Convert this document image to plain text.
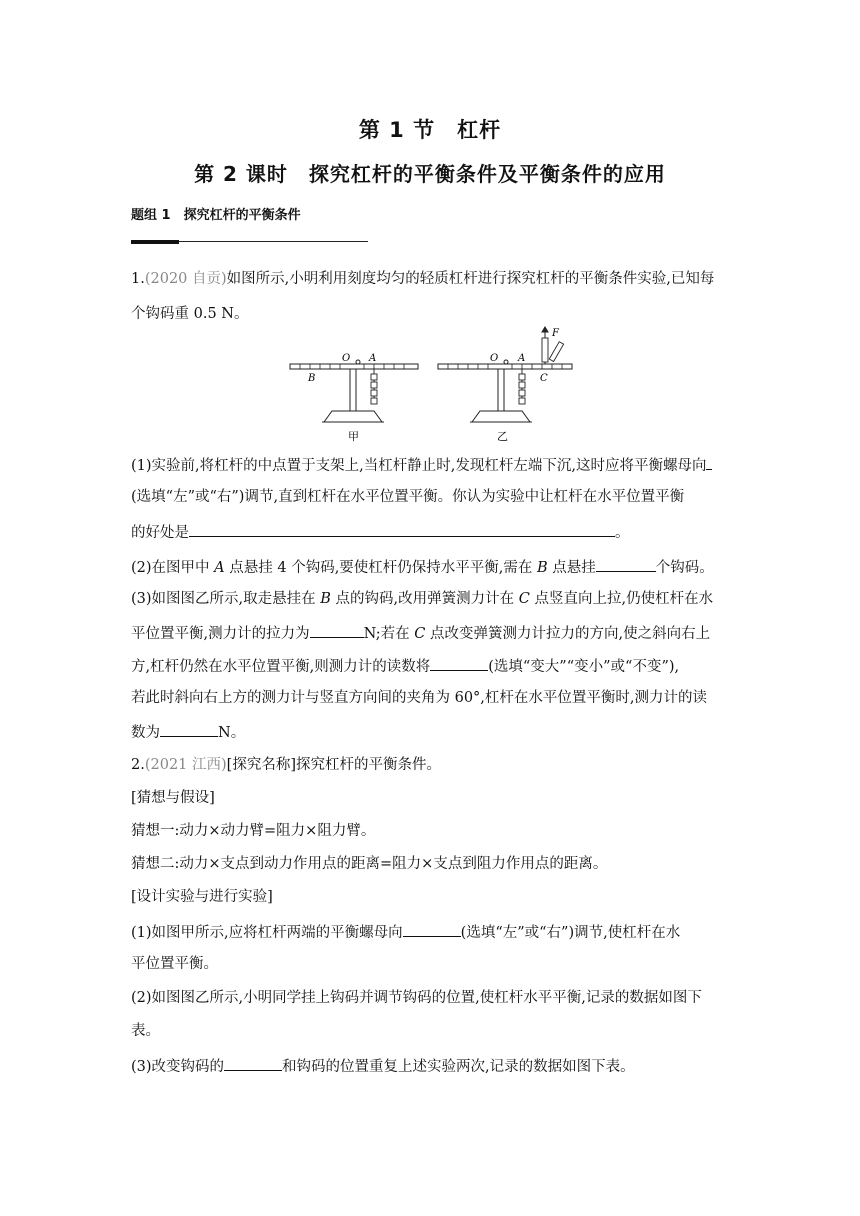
第 1 节　杠杆
第 2 课时　探究杠杆的平衡条件及平衡条件的应用
题组 1　探究杠杆的平衡条件
1.(2020 自贡)如图所示,小明利用刻度均匀的轻质杠杆进行探究杠杆的平衡条件实验,已知每
个钩码重 0.5 N。
O A
B
甲
F
O A
C
乙
(1)实验前,将杠杆的中点置于支架上,当杠杆静止时,发现杠杆左端下沉,这时应将平衡螺母向
(选填“左”或“右”)调节,直到杠杆在水平位置平衡。你认为实验中让杠杆在水平位置平衡
的好处是	。
(2)在图甲中 A 点悬挂 4 个钩码,要使杠杆仍保持水平平衡,需在 B 点悬挂	个钩码。
(3)如图图乙所示,取走悬挂在 B 点的钩码,改用弹簧测力计在 C 点竖直向上拉,仍使杠杆在水
平位置平衡,测力计的拉力为	N;若在 C 点改变弹簧测力计拉力的方向,使之斜向右上
方,杠杆仍然在水平位置平衡,则测力计的读数将	(选填“变大”“变小”或“不变”),
若此时斜向右上方的测力计与竖直方向间的夹角为 60°,杠杆在水平位置平衡时,测力计的读
数为	N。
2.(2021 江西)[探究名称]探究杠杆的平衡条件。
[猜想与假设]
猜想一:动力×动力臂=阻力×阻力臂。
猜想二:动力×支点到动力作用点的距离=阻力×支点到阻力作用点的距离。
[设计实验与进行实验]
(1)如图甲所示,应将杠杆两端的平衡螺母向	(选填“左”或“右”)调节,使杠杆在水
平位置平衡。
(2)如图图乙所示,小明同学挂上钩码并调节钩码的位置,使杠杆水平平衡,记录的数据如图下
表。
(3)改变钩码的	和钩码的位置重复上述实验两次,记录的数据如图下表。
